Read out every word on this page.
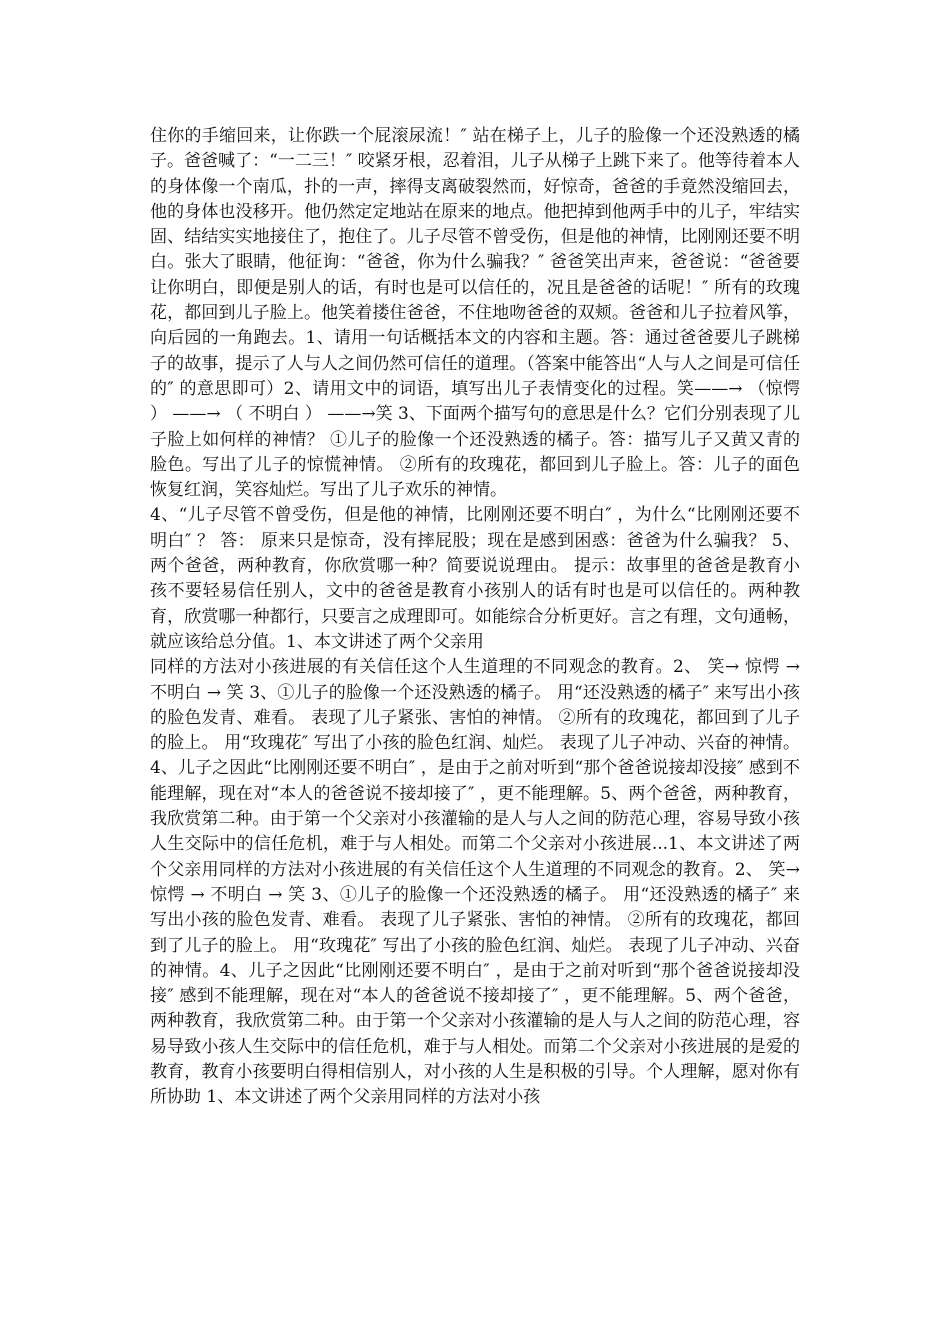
住你的手缩回来，让你跌一个屁滚尿流！″ 站在梯子上，儿子的脸像一个还没熟透的橘子。爸爸喊了：“一二三！″ 咬紧牙根，忍着泪，儿子从梯子上跳下来了。他等待着本人的身体像一个南瓜，扑的一声，摔得支离破裂然而，好惊奇，爸爸的手竟然没缩回去，他的身体也没移开。他仍然定定地站在原来的地点。他把掉到他两手中的儿子，牢结实固、结结实实地接住了，抱住了。儿子尽管不曾受伤，但是他的神情，比刚刚还要不明白。张大了眼睛，他征询：“爸爸，你为什么骗我？″ 爸爸笑出声来，爸爸说：“爸爸要让你明白，即便是别人的话，有时也是可以信任的，况且是爸爸的话呢！″ 所有的玫瑰花，都回到儿子脸上。他笑着搂住爸爸，不住地吻爸爸的双颊。爸爸和儿子拉着风筝，向后园的一角跑去。1、请用一句话概括本文的内容和主题。答：通过爸爸要儿子跳梯子的故事，提示了人与人之间仍然可信任的道理。（答案中能答出“人与人之间是可信任的″ 的意思即可）2、请用文中的词语，填写出儿子表情变化的过程。笑——→ （惊愕 ） ——→ （ 不明白 ） ——→笑 3、下面两个描写句的意思是什么？它们分别表现了儿子脸上如何样的神情？ ①儿子的脸像一个还没熟透的橘子。答：描写儿子又黄又青的脸色。写出了儿子的惊慌神情。 ②所有的玫瑰花，都回到儿子脸上。答：儿子的面色恢复红润，笑容灿烂。写出了儿子欢乐的神情。

4、“儿子尽管不曾受伤，但是他的神情，比刚刚还要不明白″ ，为什么“比刚刚还要不明白″ ？ 答： 原来只是惊奇，没有摔屁股；现在是感到困惑：爸爸为什么骗我？ 5、两个爸爸，两种教育，你欣赏哪一种？简要说说理由。 提示：故事里的爸爸是教育小孩不要轻易信任别人，文中的爸爸是教育小孩别人的话有时也是可以信任的。两种教育，欣赏哪一种都行，只要言之成理即可。如能综合分析更好。言之有理，文句通畅，就应该给总分值。1、本文讲述了两个父亲用

同样的方法对小孩进展的有关信任这个人生道理的不同观念的教育。2、 笑→ 惊愕 → 不明白 → 笑 3、①儿子的脸像一个还没熟透的橘子。 用“还没熟透的橘子″ 来写出小孩的脸色发青、难看。 表现了儿子紧张、害怕的神情。 ②所有的玫瑰花，都回到了儿子的脸上。 用“玫瑰花″ 写出了小孩的脸色红润、灿烂。 表现了儿子冲动、兴奋的神情。4、儿子之因此“比刚刚还要不明白″ ，是由于之前对听到“那个爸爸说接却没接″ 感到不能理解，现在对“本人的爸爸说不接却接了″ ，更不能理解。5、两个爸爸，两种教育，我欣赏第二种。由于第一个父亲对小孩灌输的是人与人之间的防范心理，容易导致小孩人生交际中的信任危机，难于与人相处。而第二个父亲对小孩进展...1、本文讲述了两个父亲用同样的方法对小孩进展的有关信任这个人生道理的不同观念的教育。2、 笑→ 惊愕 → 不明白 → 笑 3、①儿子的脸像一个还没熟透的橘子。 用“还没熟透的橘子″ 来写出小孩的脸色发青、难看。 表现了儿子紧张、害怕的神情。 ②所有的玫瑰花，都回到了儿子的脸上。 用“玫瑰花″ 写出了小孩的脸色红润、灿烂。 表现了儿子冲动、兴奋的神情。4、儿子之因此“比刚刚还要不明白″ ，是由于之前对听到“那个爸爸说接却没接″ 感到不能理解，现在对“本人的爸爸说不接却接了″ ，更不能理解。5、两个爸爸，两种教育，我欣赏第二种。由于第一个父亲对小孩灌输的是人与人之间的防范心理，容易导致小孩人生交际中的信任危机，难于与人相处。而第二个父亲对小孩进展的是爱的教育，教育小孩要明白得相信别人，对小孩的人生是积极的引导。个人理解，愿对你有所协助 1、本文讲述了两个父亲用同样的方法对小孩
